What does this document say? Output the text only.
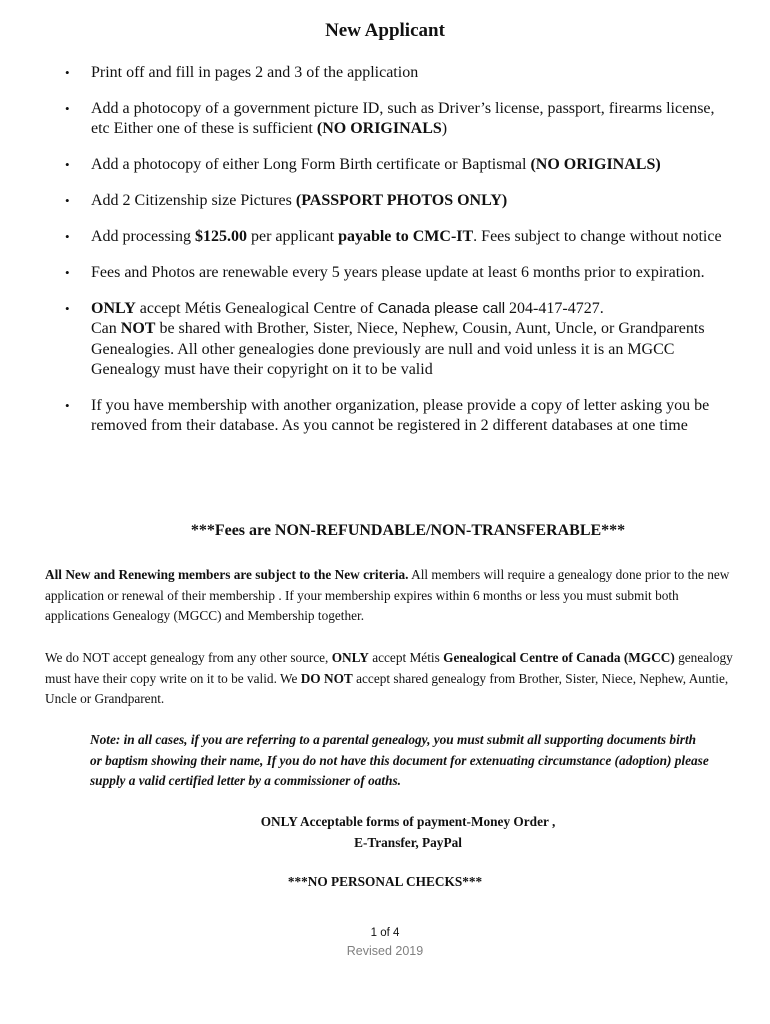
New Applicant
• Print off and fill in pages 2 and 3 of the application
• Add a photocopy of a government picture ID, such as Driver’s license, passport, firearms license, etc Either one of these is sufficient (NO ORIGINALS)
• Add a photocopy of either Long Form Birth certificate or Baptismal (NO ORIGINALS)
• Add 2 Citizenship size Pictures (PASSPORT PHOTOS ONLY)
• Add processing $125.00 per applicant payable to CMC-IT. Fees subject to change without notice
• Fees and Photos are renewable every 5 years please update at least 6 months prior to expiration.
• ONLY accept Métis Genealogical Centre of Canada please call 204-417-4727.
Can NOT be shared with Brother, Sister, Niece, Nephew, Cousin, Aunt, Uncle, or Grandparents Genealogies. All other genealogies done previously are null and void unless it is an MGCC Genealogy must have their copyright on it to be valid
• If you have membership with another organization, please provide a copy of letter asking you be removed from their database. As you cannot be registered in 2 different databases at one time
***Fees are NON-REFUNDABLE/NON-TRANSFERABLE***
All New and Renewing members are subject to the New criteria. All members will require a genealogy done prior to the new application or renewal of their membership . If your membership expires within 6 months or less you must submit both applications Genealogy (MGCC) and Membership together.
We do NOT accept genealogy from any other source, ONLY accept Métis Genealogical Centre of Canada (MGCC) genealogy must have their copy write on it to be valid. We DO NOT accept shared genealogy from Brother, Sister, Niece, Nephew, Auntie, Uncle or Grandparent.
Note: in all cases, if you are referring to a parental genealogy, you must submit all supporting documents birth or baptism showing their name, If you do not have this document for extenuating circumstance (adoption) please supply a valid certified letter by a commissioner of oaths.
ONLY Acceptable forms of payment-Money Order ,
E-Transfer, PayPal
***NO PERSONAL CHECKS***
1 of 4
Revised 2019
